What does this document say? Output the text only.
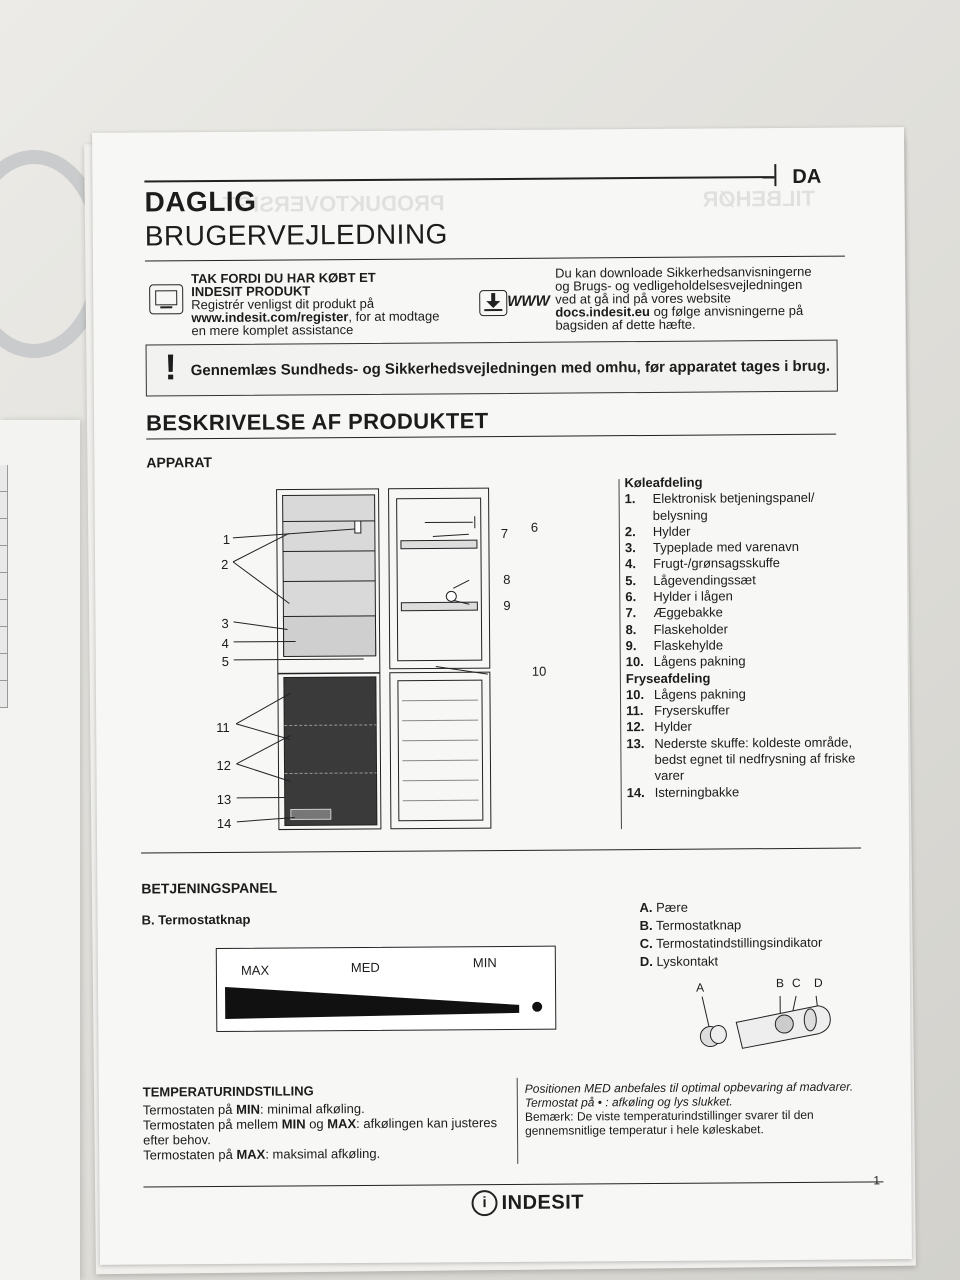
PRODUKTOVERSIGT	TILBEHØR
DA
DAGLIG
BRUGERVEJLEDNING
TAK FORDI DU HAR KØBT ET
INDESIT PRODUKT
Registrér venligst dit produkt på
www.indesit.com/register, for at modtage
en mere komplet assistance
WWW
Du kan downloade Sikkerhedsanvisningerne
og Brugs- og vedligeholdelsesvejledningen
ved at gå ind på vores website
docs.indesit.eu og følge anvisningerne på
bagsiden af dette hæfte.
! Gennemlæs Sundheds- og Sikkerhedsvejledningen med omhu, før apparatet tages i brug.
BESKRIVELSE AF PRODUKTET
APPARAT
1
2
3
4
5
6
7
8
9
10
11
12
13
14
Køleafdeling
1.	Elektronisk betjeningspanel/
belysning
2.	Hylder
3.	Typeplade med varenavn
4.	Frugt-/grønsagsskuffe
5.	Lågevendingssæt
6.	Hylder i lågen
7.	Æggebakke
8.	Flaskeholder
9.	Flaskehylde
10. Lågens pakning
Fryseafdeling
10. Lågens pakning
11. Fryserskuffer
12. Hylder
13. Nederste skuffe: koldeste område,
bedst egnet til nedfrysning af friske
varer
14. Isterningbakke
BETJENINGSPANEL
B. Termostatknap
MAX	MED	MIN
A. Pære
B. Termostatknap
C. Termostatindstillingsindikator
D. Lyskontakt
A	B C D
TEMPERATURINDSTILLING
Termostaten på MIN: minimal afkøling.
Termostaten på mellem MIN og MAX: afkølingen kan justeres
efter behov.
Termostaten på MAX: maksimal afkøling.
Positionen MED anbefales til optimal opbevaring af madvarer.
Termostat på • : afkøling og lys slukket.
Bemærk: De viste temperaturindstillinger svarer til den
gennemsnitlige temperatur i hele køleskabet.
i INDESIT
1
